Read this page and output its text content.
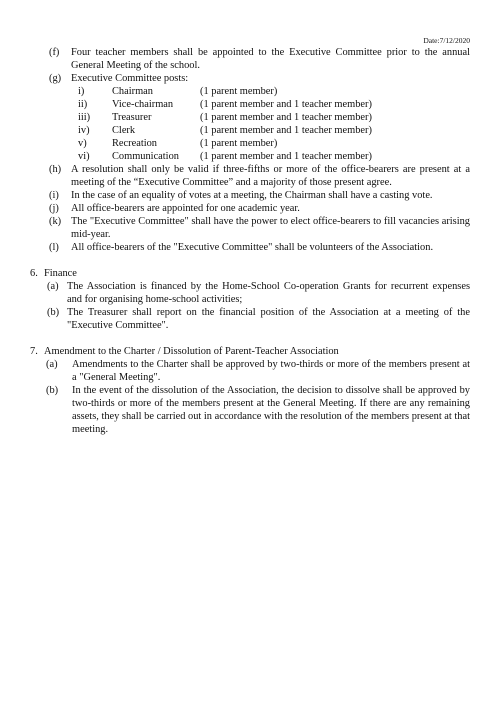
Date:7/12/2020
(f)	Four teacher members shall be appointed to the Executive Committee prior to the annual General Meeting of the school.
(g) Executive Committee posts:
i)	Chairman	(1 parent member)
ii)	Vice-chairman	(1 parent member and 1 teacher member)
iii)	Treasurer	(1 parent member and 1 teacher member)
iv)	Clerk	(1 parent member and 1 teacher member)
v)	Recreation	(1 parent member)
vi)	Communication	(1 parent member and 1 teacher member)
(h) A resolution shall only be valid if three-fifths or more of the office-bearers are present at a meeting of the “Executive Committee” and a majority of those present agree.
(i)	In the case of an equality of votes at a meeting, the Chairman shall have a casting vote.
(j)	All office-bearers are appointed for one academic year.
(k) The "Executive Committee" shall have the power to elect office-bearers to fill vacancies arising mid-year.
(l)	All office-bearers of the "Executive Committee" shall be volunteers of the Association.
6. Finance
(a) The Association is financed by the Home-School Co-operation Grants for recurrent expenses and for organising home-school activities;
(b) The Treasurer shall report on the financial position of the Association at a meeting of the "Executive Committee".
7. Amendment to the Charter / Dissolution of Parent-Teacher Association
(a)	Amendments to the Charter shall be approved by two-thirds or more of the members present at a "General Meeting".
(b)	In the event of the dissolution of the Association, the decision to dissolve shall be approved by two-thirds or more of the members present at the General Meeting. If there are any remaining assets, they shall be carried out in accordance with the resolution of the members present at that meeting.
